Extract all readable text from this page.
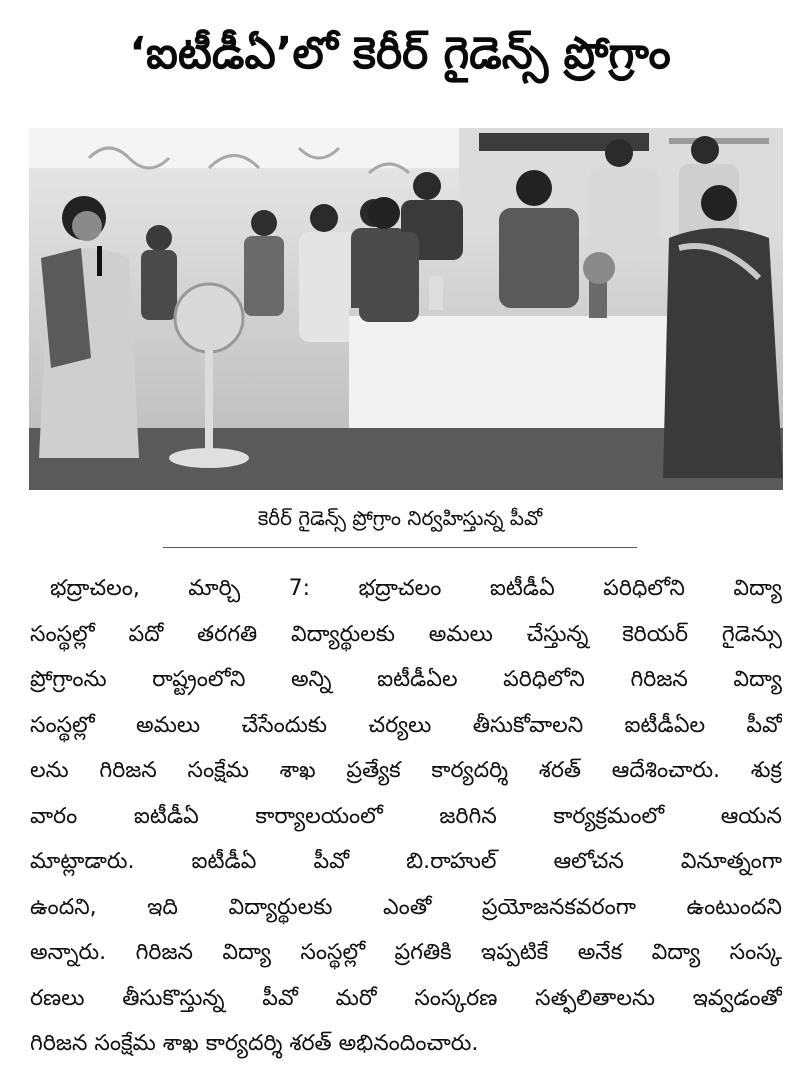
‘ఐటీడీఏ’లో కెరీర్ గైడెన్స్ ప్రోగ్రాం
కెరీర్ గైడెన్స్ ప్రోగ్రాం నిర్వహిస్తున్న పీవో
భద్రాచలం, మార్చి 7: భద్రాచలం ఐటీడీఏ పరిధిలోని విద్యా
సంస్థల్లో పదో తరగతి విద్యార్థులకు అమలు చేస్తున్న కెరియర్ గైడెన్సు
ప్రోగ్రాంను రాష్ట్రంలోని అన్ని ఐటీడీఏల పరిధిలోని గిరిజన విద్యా
సంస్థల్లో అమలు చేసేందుకు చర్యలు తీసుకోవాలని ఐటీడీఏల పీవో
లను గిరిజన సంక్షేమ శాఖ ప్రత్యేక కార్యదర్శి శరత్ ఆదేశించారు. శుక్ర
వారం ఐటీడీఏ కార్యాలయంలో జరిగిన కార్యక్రమంలో ఆయన
మాట్లాడారు. ఐటీడీఏ పీవో బి.రాహుల్ ఆలోచన వినూత్నంగా
ఉందని, ఇది విద్యార్థులకు ఎంతో ప్రయోజనకవరంగా ఉంటుందని
అన్నారు. గిరిజన విద్యా సంస్థల్లో ప్రగతికి ఇప్పటికే అనేక విద్యా సంస్క
రణలు తీసుకొస్తున్న పీవో మరో సంస్కరణ సత్ఫలితాలను ఇవ్వడంతో
గిరిజన సంక్షేమ శాఖ కార్యదర్శి శరత్ అభినందించారు.
